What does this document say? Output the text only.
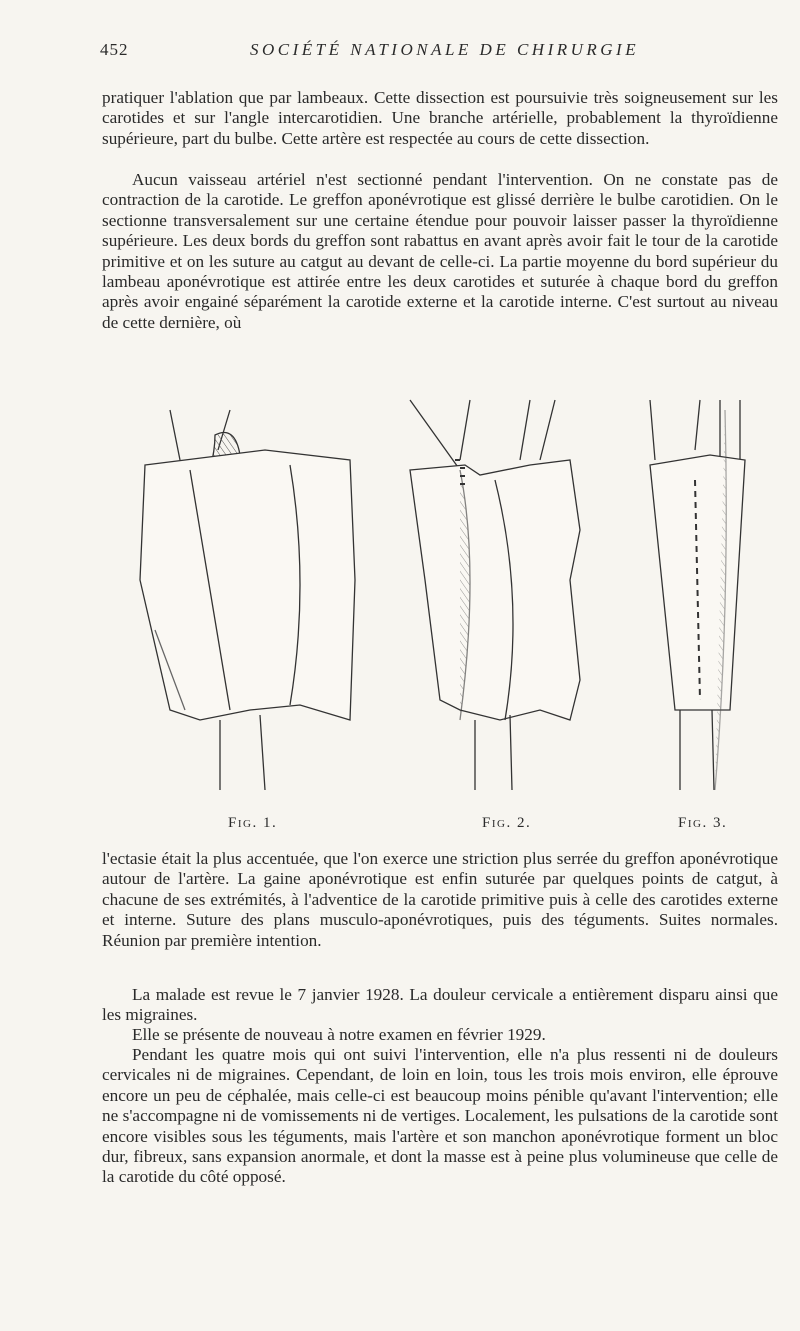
452	SOCIÉTÉ NATIONALE DE CHIRURGIE

pratiquer l'ablation que par lambeaux. Cette dissection est poursuivie très soigneusement sur les carotides et sur l'angle intercarotidien. Une branche artérielle, probablement la thyroïdienne supérieure, part du bulbe. Cette artère est respectée au cours de cette dissection.

Aucun vaisseau artériel n'est sectionné pendant l'intervention. On ne constate pas de contraction de la carotide. Le greffon aponévrotique est glissé derrière le bulbe carotidien. On le sectionne transversalement sur une certaine étendue pour pouvoir laisser passer la thyroïdienne supérieure. Les deux bords du greffon sont rabattus en avant après avoir fait le tour de la carotide primitive et on les suture au catgut au devant de celle-ci. La partie moyenne du bord supérieur du lambeau aponévrotique est attirée entre les deux carotides et suturée à chaque bord du greffon après avoir engainé séparément la carotide externe et la carotide interne. C'est surtout au niveau de cette dernière, où

Fig. 1.	Fig. 2.	Fig. 3.

l'ectasie était la plus accentuée, que l'on exerce une striction plus serrée du greffon aponévrotique autour de l'artère. La gaine aponévrotique est enfin suturée par quelques points de catgut, à chacune de ses extrémités, à l'adventice de la carotide primitive puis à celle des carotides externe et interne. Suture des plans musculo-aponévrotiques, puis des téguments. Suites normales. Réunion par première intention.

La malade est revue le 7 janvier 1928. La douleur cervicale a entièrement disparu ainsi que les migraines.

Elle se présente de nouveau à notre examen en février 1929.

Pendant les quatre mois qui ont suivi l'intervention, elle n'a plus ressenti ni de douleurs cervicales ni de migraines. Cependant, de loin en loin, tous les trois mois environ, elle éprouve encore un peu de céphalée, mais celle-ci est beaucoup moins pénible qu'avant l'intervention; elle ne s'accompagne ni de vomissements ni de vertiges. Localement, les pulsations de la carotide sont encore visibles sous les téguments, mais l'artère et son manchon aponévrotique forment un bloc dur, fibreux, sans expansion anormale, et dont la masse est à peine plus volumineuse que celle de la carotide du côté opposé.
